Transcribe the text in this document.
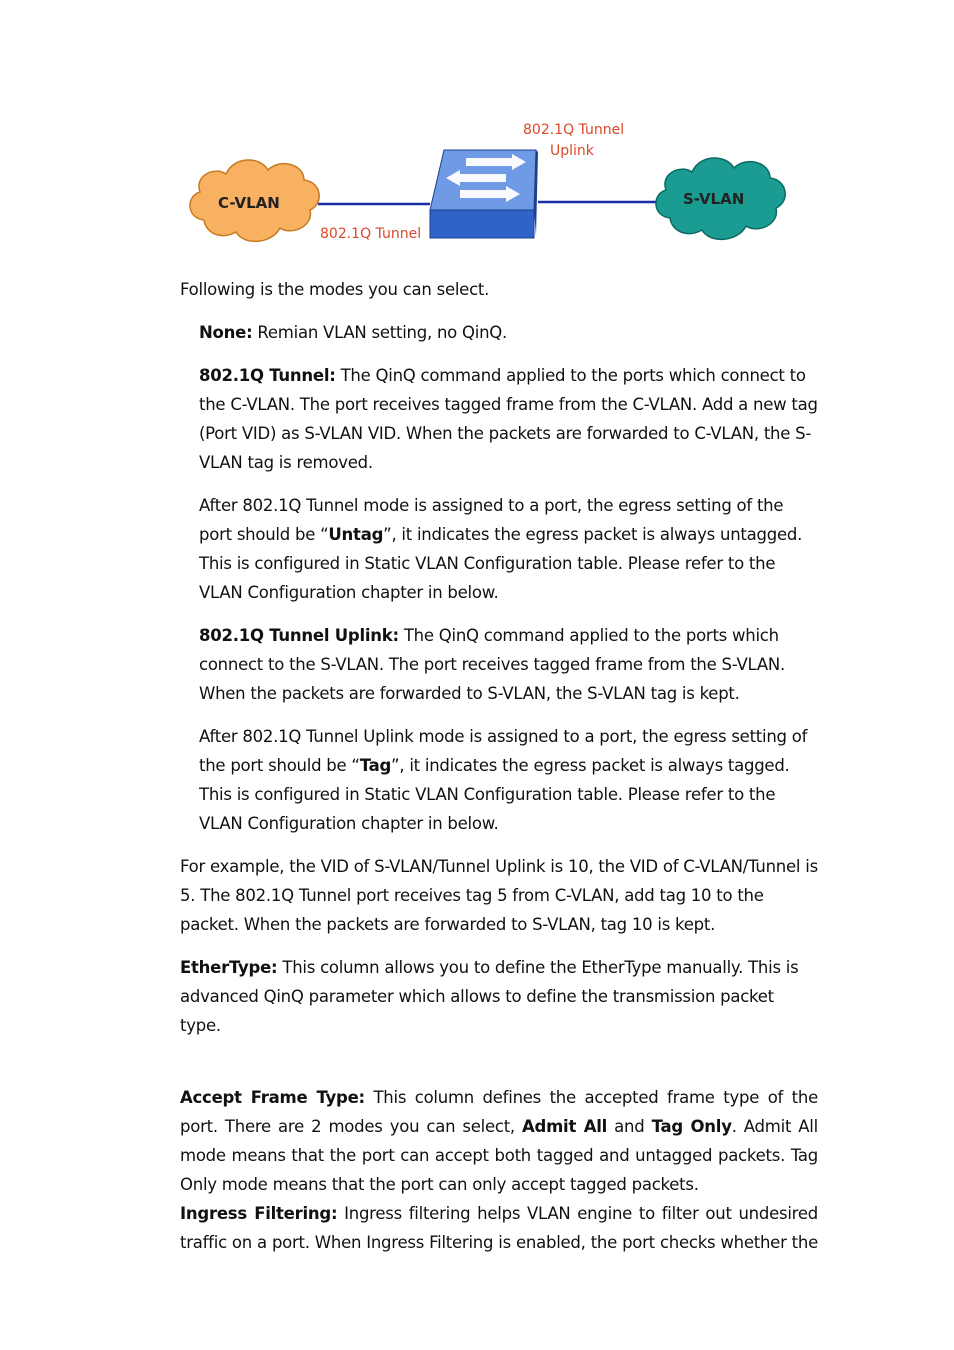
C-VLAN	S-VLAN
802.1Q Tunnel
Uplink
802.1Q Tunnel

Following is the modes you can select.

None: Remian VLAN setting, no QinQ.

802.1Q Tunnel: The QinQ command applied to the ports which connect to the C-VLAN. The port receives tagged frame from the C-VLAN. Add a new tag (Port VID) as S-VLAN VID. When the packets are forwarded to C-VLAN, the S-VLAN tag is removed.

After 802.1Q Tunnel mode is assigned to a port, the egress setting of the port should be “Untag”, it indicates the egress packet is always untagged. This is configured in Static VLAN Configuration table. Please refer to the VLAN Configuration chapter in below.

802.1Q Tunnel Uplink: The QinQ command applied to the ports which connect to the S-VLAN. The port receives tagged frame from the S-VLAN. When the packets are forwarded to S-VLAN, the S-VLAN tag is kept.

After 802.1Q Tunnel Uplink mode is assigned to a port, the egress setting of the port should be “Tag”, it indicates the egress packet is always tagged. This is configured in Static VLAN Configuration table. Please refer to the VLAN Configuration chapter in below.

For example, the VID of S-VLAN/Tunnel Uplink is 10, the VID of C-VLAN/Tunnel is 5. The 802.1Q Tunnel port receives tag 5 from C-VLAN, add tag 10 to the packet. When the packets are forwarded to S-VLAN, tag 10 is kept.

EtherType: This column allows you to define the EtherType manually. This is advanced QinQ parameter which allows to define the transmission packet type.

Accept Frame Type: This column defines the accepted frame type of the port. There are 2 modes you can select, Admit All and Tag Only. Admit All mode means that the port can accept both tagged and untagged packets. Tag Only mode means that the port can only accept tagged packets.

Ingress Filtering: Ingress filtering helps VLAN engine to filter out undesired traffic on a port. When Ingress Filtering is enabled, the port checks whether the
